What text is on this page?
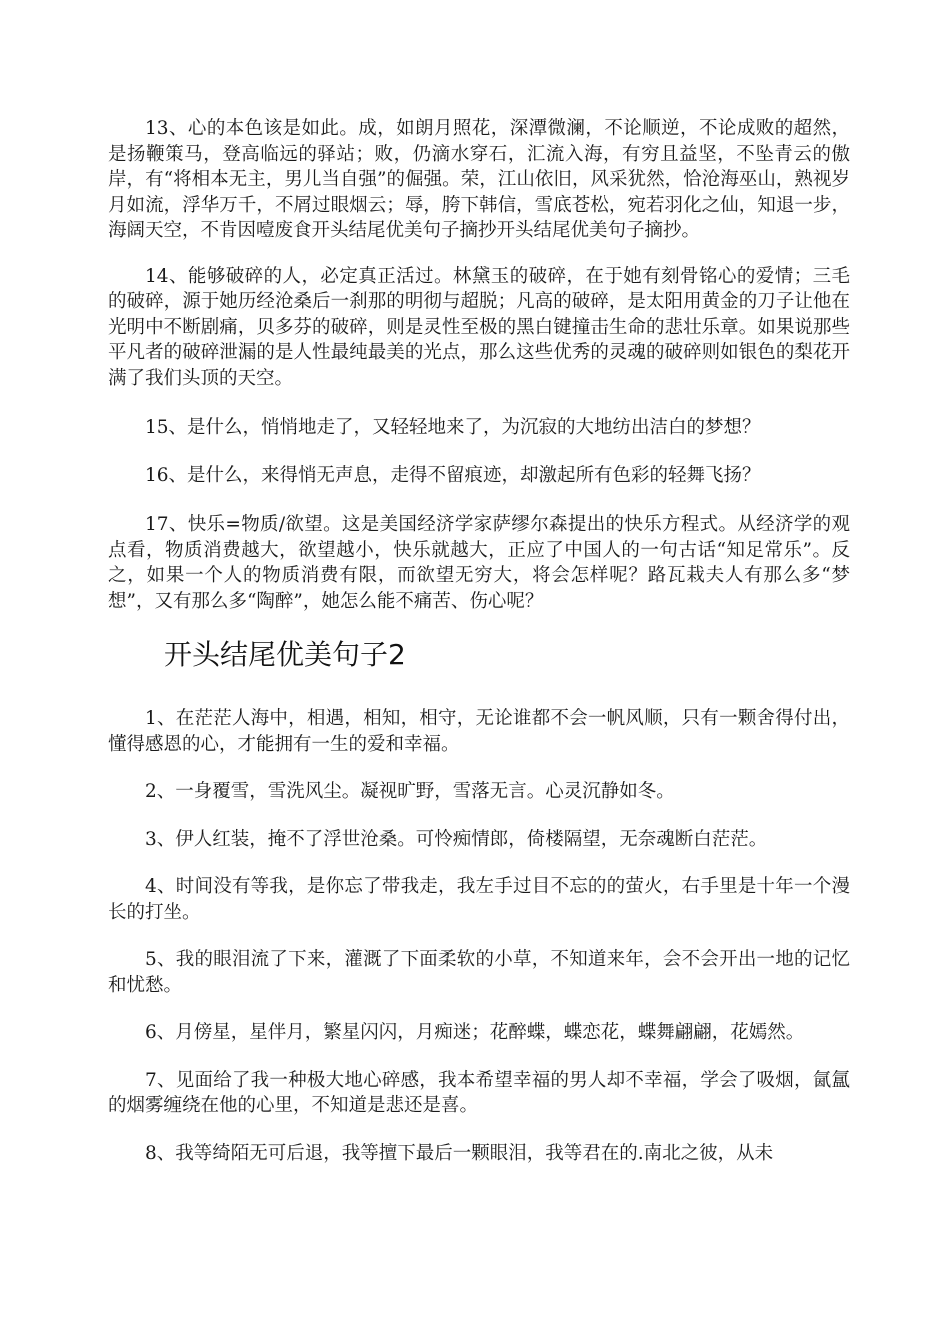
13、心的本色该是如此。成，如朗月照花，深潭微澜，不论顺逆，不论成败的超然，是扬鞭策马，登高临远的驿站；败，仍滴水穿石，汇流入海，有穷且益坚，不坠青云的傲岸，有“将相本无主，男儿当自强”的倔强。荣，江山依旧，风采犹然，恰沧海巫山，熟视岁月如流，浮华万千，不屑过眼烟云；辱，胯下韩信，雪底苍松，宛若羽化之仙，知退一步，海阔天空，不肯因噎废食开头结尾优美句子摘抄开头结尾优美句子摘抄。

14、能够破碎的人，必定真正活过。林黛玉的破碎，在于她有刻骨铭心的爱情；三毛的破碎，源于她历经沧桑后一刹那的明彻与超脱；凡高的破碎，是太阳用黄金的刀子让他在光明中不断剧痛，贝多芬的破碎，则是灵性至极的黑白键撞击生命的悲壮乐章。如果说那些平凡者的破碎泄漏的是人性最纯最美的光点，那么这些优秀的灵魂的破碎则如银色的梨花开满了我们头顶的天空。

15、是什么，悄悄地走了，又轻轻地来了，为沉寂的大地纺出洁白的梦想？

16、是什么，来得悄无声息，走得不留痕迹，却激起所有色彩的轻舞飞扬？

17、快乐=物质/欲望。这是美国经济学家萨缪尔森提出的快乐方程式。从经济学的观点看，物质消费越大，欲望越小，快乐就越大，正应了中国人的一句古话“知足常乐”。反之，如果一个人的物质消费有限，而欲望无穷大，将会怎样呢？路瓦栽夫人有那么多“梦想”，又有那么多“陶醉”，她怎么能不痛苦、伤心呢？

开头结尾优美句子2

1、在茫茫人海中，相遇，相知，相守，无论谁都不会一帆风顺，只有一颗舍得付出，懂得感恩的心，才能拥有一生的爱和幸福。

2、一身覆雪，雪洗风尘。凝视旷野，雪落无言。心灵沉静如冬。

3、伊人红装，掩不了浮世沧桑。可怜痴情郎，倚楼隔望，无奈魂断白茫茫。

4、时间没有等我，是你忘了带我走，我左手过目不忘的的萤火，右手里是十年一个漫长的打坐。

5、我的眼泪流了下来，灌溉了下面柔软的小草，不知道来年，会不会开出一地的记忆和忧愁。

6、月傍星，星伴月，繁星闪闪，月痴迷；花醉蝶，蝶恋花，蝶舞翩翩，花嫣然。

7、见面给了我一种极大地心碎感，我本希望幸福的男人却不幸福，学会了吸烟，氤氲的烟雾缠绕在他的心里，不知道是悲还是喜。

8、我等绮陌无可后退，我等擅下最后一颗眼泪，我等君在的.南北之彼，从未
